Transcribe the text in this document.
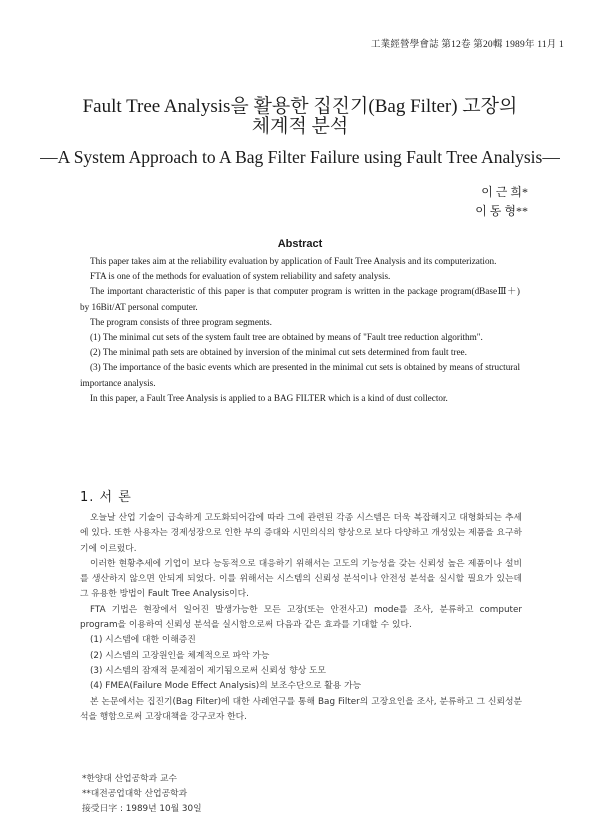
工業經營學會誌 第12卷 第20輯 1989年 11月 1
Fault Tree Analysis을 활용한 집진기(Bag Filter) 고장의
체계적 분석
—A System Approach to A Bag Filter Failure using Fault Tree Analysis—
이 근 희*
이 동 형**
Abstract

This paper takes aim at the reliability evaluation by application of Fault Tree Analysis and its computerization.

FTA is one of the methods for evaluation of system reliability and safety analysis.

The important characteristic of this paper is that computer program is written in the package program(dBaseⅢ＋) by 16Bit/AT personal computer.

The program consists of three program segments.

(1) The minimal cut sets of the system fault tree are obtained by means of "Fault tree reduction algorithm".

(2) The minimal path sets are obtained by inversion of the minimal cut sets determined from fault tree.

(3) The importance of the basic events which are presented in the minimal cut sets is obtained by means of structural importance analysis.

In this paper, a Fault Tree Analysis is applied to a BAG FILTER which is a kind of dust collector.

1. 서 론

오늘날 산업 기술이 급속하게 고도화되어감에 따라 그에 관련된 각종 시스템은 더욱 복잡해지고 대형화되는 추세에 있다. 또한 사용자는 경제성장으로 인한 부의 증대와 시민의식의 향상으로 보다 다양하고 개성있는 제품을 요구하기에 이르렀다.

이러한 현황추세에 기업이 보다 능동적으로 대응하기 위해서는 고도의 기능성을 갖는 신뢰성 높은 제품이나 설비를 생산하지 않으면 안되게 되었다. 이를 위해서는 시스템의 신뢰성 분석이나 안전성 분석을 실시할 필요가 있는데 그 유용한 방법이 Fault Tree Analysis이다.

FTA 기법은 현장에서 일어진 발생가능한 모든 고장(또는 안전사고) mode를 조사, 분류하고 computer program을 이용하여 신뢰성 분석을 실시함으로써 다음과 같은 효과를 기대할 수 있다.

(1) 시스템에 대한 이해증진

(2) 시스템의 고장원인을 체계적으로 파악 가능

(3) 시스템의 잠재적 문제점이 제기됨으로써 신뢰성 향상 도모

(4) FMEA(Failure Mode Effect Analysis)의 보조수단으로 활용 가능

본 논문에서는 집진기(Bag Filter)에 대한 사례연구를 통해 Bag Filter의 고장요인을 조사, 분류하고 그 신뢰성분석을 행함으로써 고장대책을 강구코자 한다.

*한양대 산업공학과 교수
**대전공업대학 산업공학과
接受日字 : 1989년 10월 30일
